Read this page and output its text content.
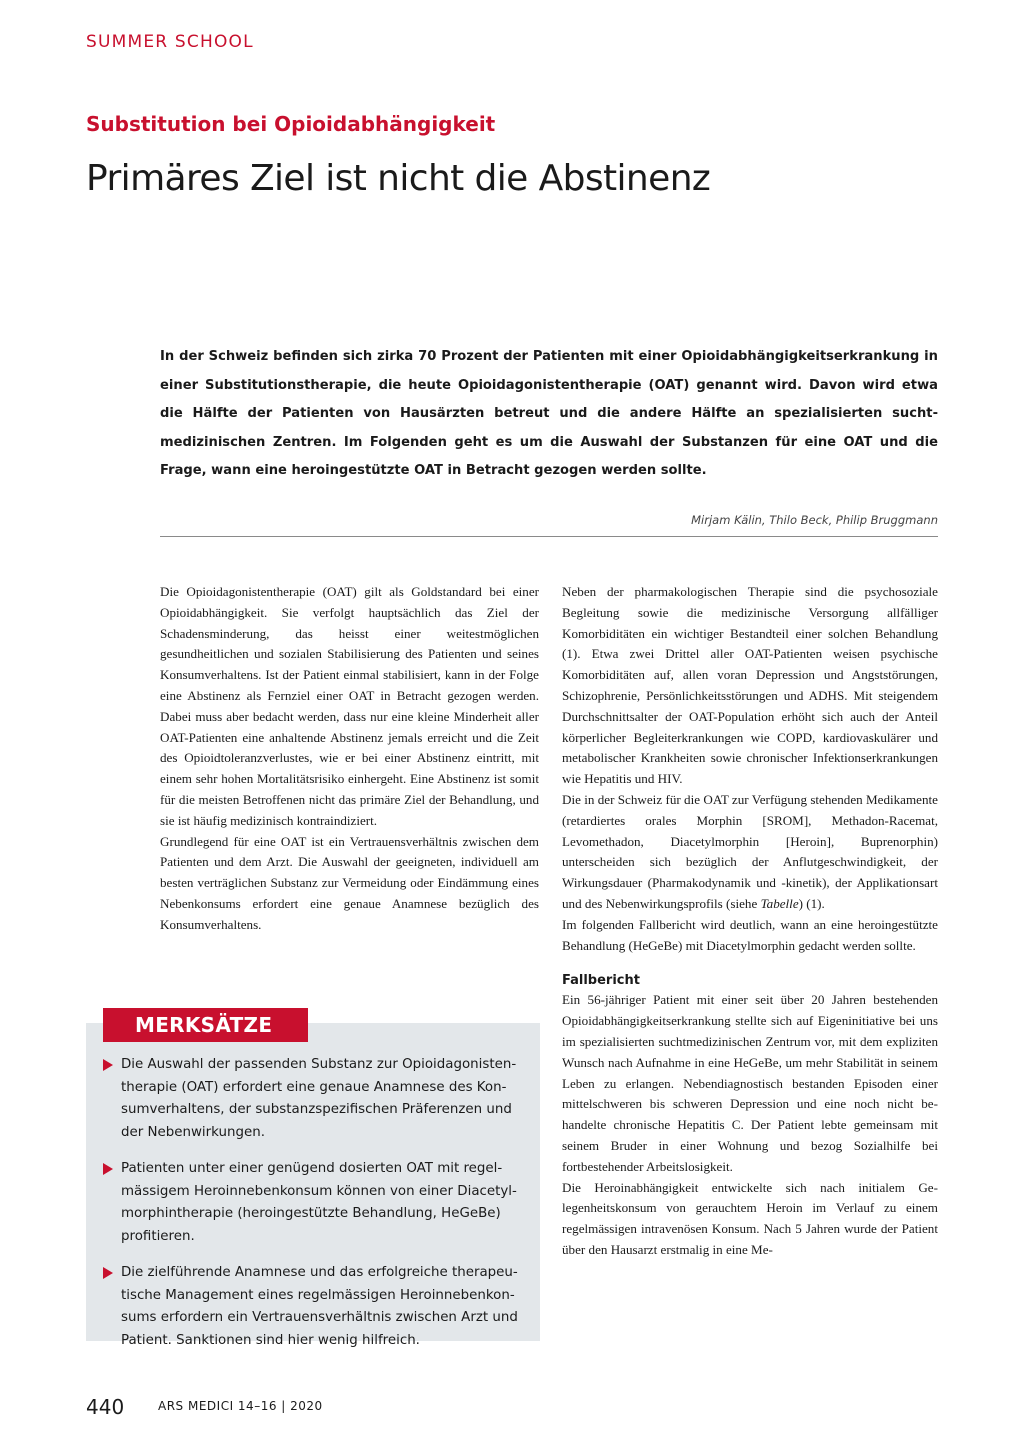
SUMMER SCHOOL
Substitution bei Opioidabhängigkeit
Primäres Ziel ist nicht die Abstinenz
In der Schweiz befinden sich zirka 70 Prozent der Patienten mit einer Opioidabhängigkeitserkrankung in einer Substitutionstherapie, die heute Opioidagonistentherapie (OAT) genannt wird. Davon wird etwa die Hälfte der Patienten von Hausärzten betreut und die andere Hälfte an spezialisierten suchtmedizinischen Zentren. Im Folgenden geht es um die Auswahl der Substanzen für eine OAT und die Frage, wann eine heroingestützte OAT in Betracht gezogen werden sollte.
Mirjam Kälin, Thilo Beck, Philip Bruggmann

Die Opioidagonistentherapie (OAT) gilt als Goldstandard bei einer Opioidabhängigkeit. Sie verfolgt hauptsächlich das Ziel der Schadensminderung, das heisst einer weitestmöglichen gesundheitlichen und sozialen Stabilisierung des Patienten und seines Konsumverhaltens. Ist der Patient einmal stabilisiert, kann in der Folge eine Abstinenz als Fernziel einer OAT in Betracht gezogen werden. Dabei muss aber bedacht werden, dass nur eine kleine Minderheit aller OAT-Patienten eine anhaltende Abstinenz jemals erreicht und die Zeit des Opioidtoleranzverlustes, wie er bei einer Abstinenz eintritt, mit einem sehr hohen Mortalitätsrisiko einhergeht. Eine Abstinenz ist somit für die meisten Betroffenen nicht das primäre Ziel der Behandlung, und sie ist häufig medizinisch kontraindiziert.

Grundlegend für eine OAT ist ein Vertrauensverhältnis zwischen dem Patienten und dem Arzt. Die Auswahl der geeigneten, individuell am besten verträglichen Substanz zur Vermeidung oder Eindämmung eines Nebenkonsums erfordert eine genaue Anamnese bezüglich des Konsumverhaltens.

MERKSÄTZE
Die Auswahl der passenden Substanz zur Opioidagonistentherapie (OAT) erfordert eine genaue Anamnese des Konsumverhaltens, der substanzspezifischen Präferenzen und der Nebenwirkungen.
Patienten unter einer genügend dosierten OAT mit regelmässigem Heroinnebenkonsum können von einer Diacetylmorphintherapie (heroingestützte Behandlung, HeGeBe) profitieren.
Die zielführende Anamnese und das erfolgreiche therapeutische Management eines regelmässigen Heroinnebenkonsums erfordern ein Vertrauensverhältnis zwischen Arzt und Patient. Sanktionen sind hier wenig hilfreich.

Neben der pharmakologischen Therapie sind die psychosoziale Begleitung sowie die medizinische Versorgung allfälliger Komorbiditäten ein wichtiger Bestandteil einer solchen Behandlung (1). Etwa zwei Drittel aller OAT-Patienten weisen psychische Komorbiditäten auf, allen voran Depression und Angststörungen, Schizophrenie, Persönlichkeitsstörungen und ADHS. Mit steigendem Durchschnittsalter der OAT-Population erhöht sich auch der Anteil körperlicher Begleiterkrankungen wie COPD, kardiovaskulärer und metabolischer Krankheiten sowie chronischer Infektionserkrankungen wie Hepatitis und HIV.

Die in der Schweiz für die OAT zur Verfügung stehenden Medikamente (retardiertes orales Morphin [SROM], Methadon-Racemat, Levomethadon, Diacetylmorphin [Heroin], Buprenorphin) unterscheiden sich bezüglich der Anflutgeschwindigkeit, der Wirkungsdauer (Pharmakodynamik und -kinetik), der Applikationsart und des Nebenwirkungsprofils (siehe Tabelle) (1).

Im folgenden Fallbericht wird deutlich, wann an eine heroingestützte Behandlung (HeGeBe) mit Diacetylmorphin gedacht werden sollte.

Fallbericht

Ein 56-jähriger Patient mit einer seit über 20 Jahren bestehenden Opioidabhängigkeitserkrankung stellte sich auf Eigeninitiative bei uns im spezialisierten suchtmedizinischen Zentrum vor, mit dem expliziten Wunsch nach Aufnahme in eine HeGeBe, um mehr Stabilität in seinem Leben zu erlangen. Nebendiagnostisch bestanden Episoden einer mittelschweren bis schweren Depression und eine noch nicht behandelte chronische Hepatitis C. Der Patient lebte gemeinsam mit seinem Bruder in einer Wohnung und bezog Sozialhilfe bei fortbestehender Arbeitslosigkeit.

Die Heroinabhängigkeit entwickelte sich nach initialem Gelegenheitskonsum von gerauchtem Heroin im Verlauf zu einem regelmässigen intravenösen Konsum. Nach 5 Jahren wurde der Patient über den Hausarzt erstmalig in eine Me-

440	ARS MEDICI 14–16 | 2020
